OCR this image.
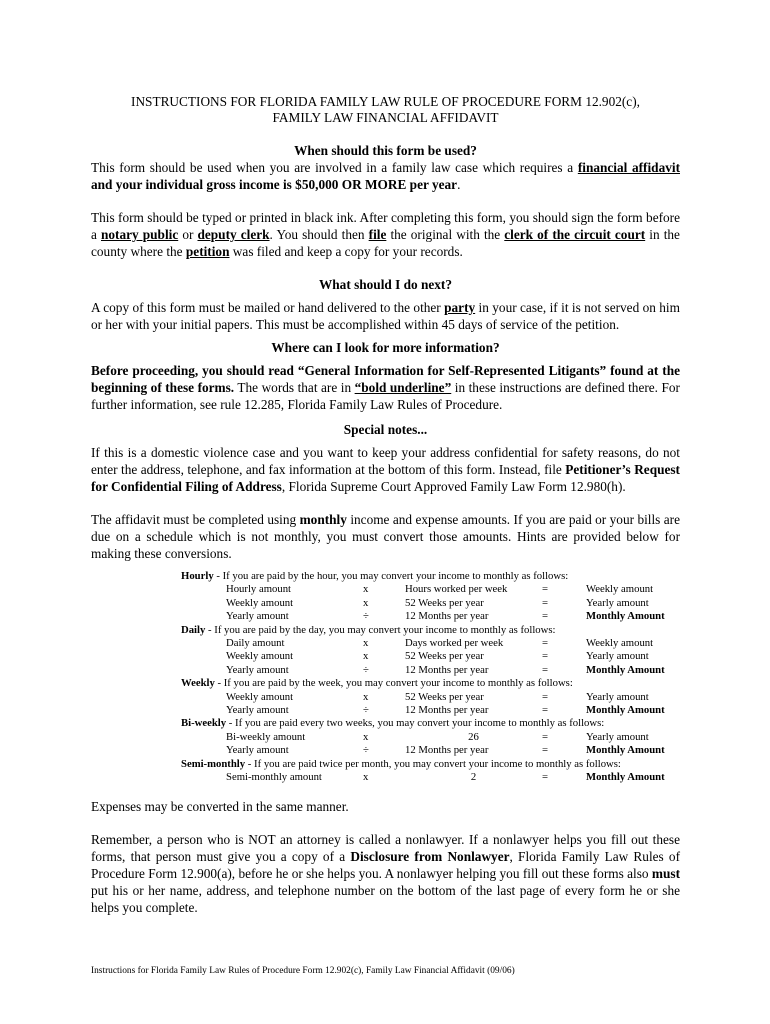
INSTRUCTIONS FOR FLORIDA FAMILY LAW RULE OF PROCEDURE FORM 12.902(c),

FAMILY LAW FINANCIAL AFFIDAVIT

When should this form be used?

This form should be used when you are involved in a family law case which requires a financial affidavit and your individual gross income is $50,000 OR MORE per year.

This form should be typed or printed in black ink. After completing this form, you should sign the form before a notary public or deputy clerk. You should then file the original with the clerk of the circuit court in the county where the petition was filed and keep a copy for your records.

What should I do next?

A copy of this form must be mailed or hand delivered to the other party in your case, if it is not served on him or her with your initial papers. This must be accomplished within 45 days of service of the petition.

Where can I look for more information?

Before proceeding, you should read “General Information for Self-Represented Litigants” found at the beginning of these forms. The words that are in “bold underline” in these instructions are defined there. For further information, see rule 12.285, Florida Family Law Rules of Procedure.

Special notes...

If this is a domestic violence case and you want to keep your address confidential for safety reasons, do not enter the address, telephone, and fax information at the bottom of this form. Instead, file Petitioner’s Request for Confidential Filing of Address, Florida Supreme Court Approved Family Law Form 12.980(h).

The affidavit must be completed using monthly income and expense amounts. If you are paid or your bills are due on a schedule which is not monthly, you must convert those amounts. Hints are provided below for making these conversions.

Hourly - If you are paid by the hour, you may convert your income to monthly as follows:
Hourly amount	x	Hours worked per week	=	Weekly amount
Weekly amount	x	52 Weeks per year	=	Yearly amount
Yearly amount	÷	12 Months per year	=	Monthly Amount
Daily - If you are paid by the day, you may convert your income to monthly as follows:
Daily amount	x	Days worked per week	=	Weekly amount
Weekly amount	x	52 Weeks per year	=	Yearly amount
Yearly amount	÷	12 Months per year	=	Monthly Amount
Weekly - If you are paid by the week, you may convert your income to monthly as follows:
Weekly amount	x	52 Weeks per year	=	Yearly amount
Yearly amount	÷	12 Months per year	=	Monthly Amount
Bi-weekly - If you are paid every two weeks, you may convert your income to monthly as follows:
Bi-weekly amount	x	26	=	Yearly amount
Yearly amount	÷	12 Months per year	=	Monthly Amount
Semi-monthly - If you are paid twice per month, you may convert your income to monthly as follows:
Semi-monthly amount	x	2	=	Monthly Amount

Expenses may be converted in the same manner.

Remember, a person who is NOT an attorney is called a nonlawyer. If a nonlawyer helps you fill out these forms, that person must give you a copy of a Disclosure from Nonlawyer, Florida Family Law Rules of Procedure Form 12.900(a), before he or she helps you. A nonlawyer helping you fill out these forms also must put his or her name, address, and telephone number on the bottom of the last page of every form he or she helps you complete.

Instructions for Florida Family Law Rules of Procedure Form 12.902(c), Family Law Financial Affidavit (09/06)
